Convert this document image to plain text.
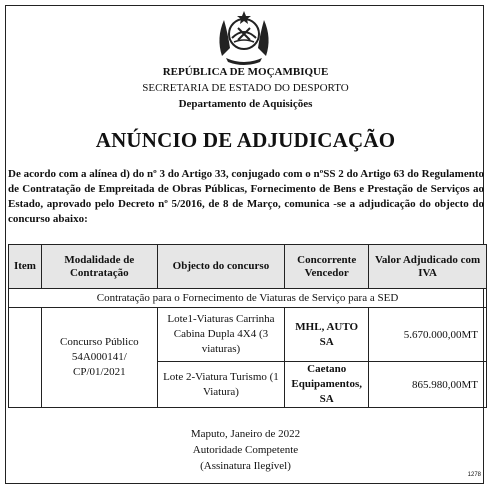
REPÚBLICA DE MOÇAMBIQUE
SECRETARIA DE ESTADO DO DESPORTO
Departamento de Aquisições
ANÚNCIO DE ADJUDICAÇÃO
De acordo com a alínea d) do nº 3 do Artigo 33, conjugado com o nºSS 2 do Artigo 63 do Regulamento de Contratação de Empreitada de Obras Públicas, Fornecimento de Bens e Prestação de Serviços ao Estado, aprovado pelo Decreto nº 5/2016, de 8 de Março, comunica -se a adjudicação do objecto do concurso abaixo:
Item	Modalidade de Contratação	Objecto do concurso	Concorrente Vencedor	Valor Adjudicado com IVA
Contratação para o Fornecimento de Viaturas de Serviço para a SED				
	Concurso Público 54A000141/ CP/01/2021	Lote1-Viaturas Carrinha Cabina Dupla 4X4 (3 viaturas)	MHL, AUTO SA	5.670.000,00MT
		Lote 2-Viatura Turismo (1 Viatura)	Caetano Equipamentos, SA	865.980,00MT
Maputo, Janeiro de 2022
Autoridade Competente
(Assinatura Ilegível)
1278
